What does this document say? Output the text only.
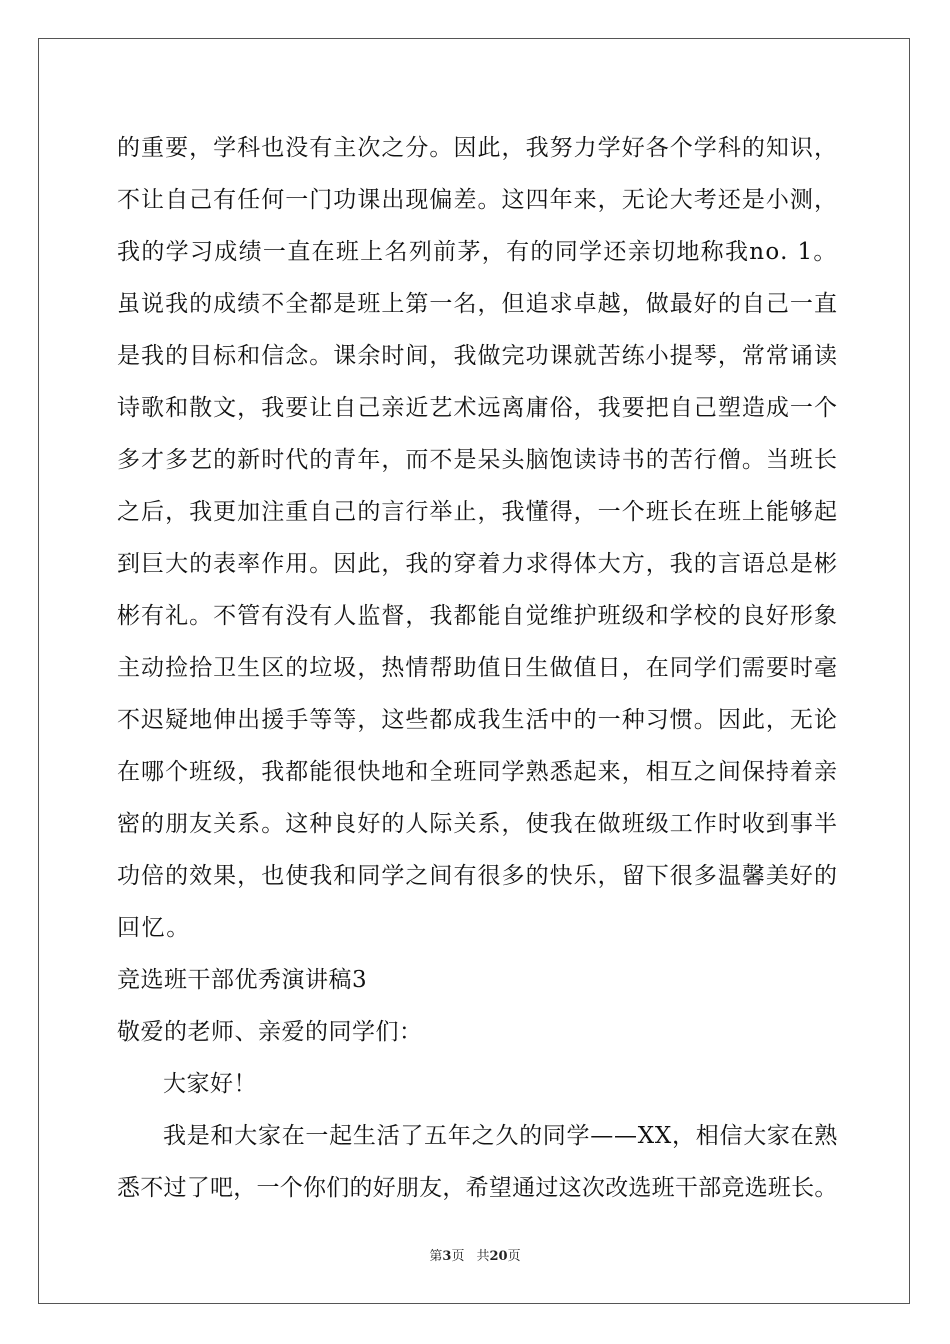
的重要，学科也没有主次之分。因此，我努力学好各个学科的知识，
不让自己有任何一门功课出现偏差。这四年来，无论大考还是小测，
我的学习成绩一直在班上名列前茅，有的同学还亲切地称我no. 1。
虽说我的成绩不全都是班上第一名，但追求卓越，做最好的自己一直
是我的目标和信念。课余时间，我做完功课就苦练小提琴，常常诵读
诗歌和散文，我要让自己亲近艺术远离庸俗，我要把自己塑造成一个
多才多艺的新时代的青年，而不是呆头脑饱读诗书的苦行僧。当班长
之后，我更加注重自己的言行举止，我懂得，一个班长在班上能够起
到巨大的表率作用。因此，我的穿着力求得体大方，我的言语总是彬
彬有礼。不管有没有人监督，我都能自觉维护班级和学校的良好形象
主动捡拾卫生区的垃圾，热情帮助值日生做值日，在同学们需要时毫
不迟疑地伸出援手等等，这些都成我生活中的一种习惯。因此，无论
在哪个班级，我都能很快地和全班同学熟悉起来，相互之间保持着亲
密的朋友关系。这种良好的人际关系，使我在做班级工作时收到事半
功倍的效果，也使我和同学之间有很多的快乐，留下很多温馨美好的
回忆。
竞选班干部优秀演讲稿3
敬爱的老师、亲爱的同学们：
大家好！
我是和大家在一起生活了五年之久的同学——XX，相信大家在熟
悉不过了吧，一个你们的好朋友，希望通过这次改选班干部竞选班长。
第3页 共20页
